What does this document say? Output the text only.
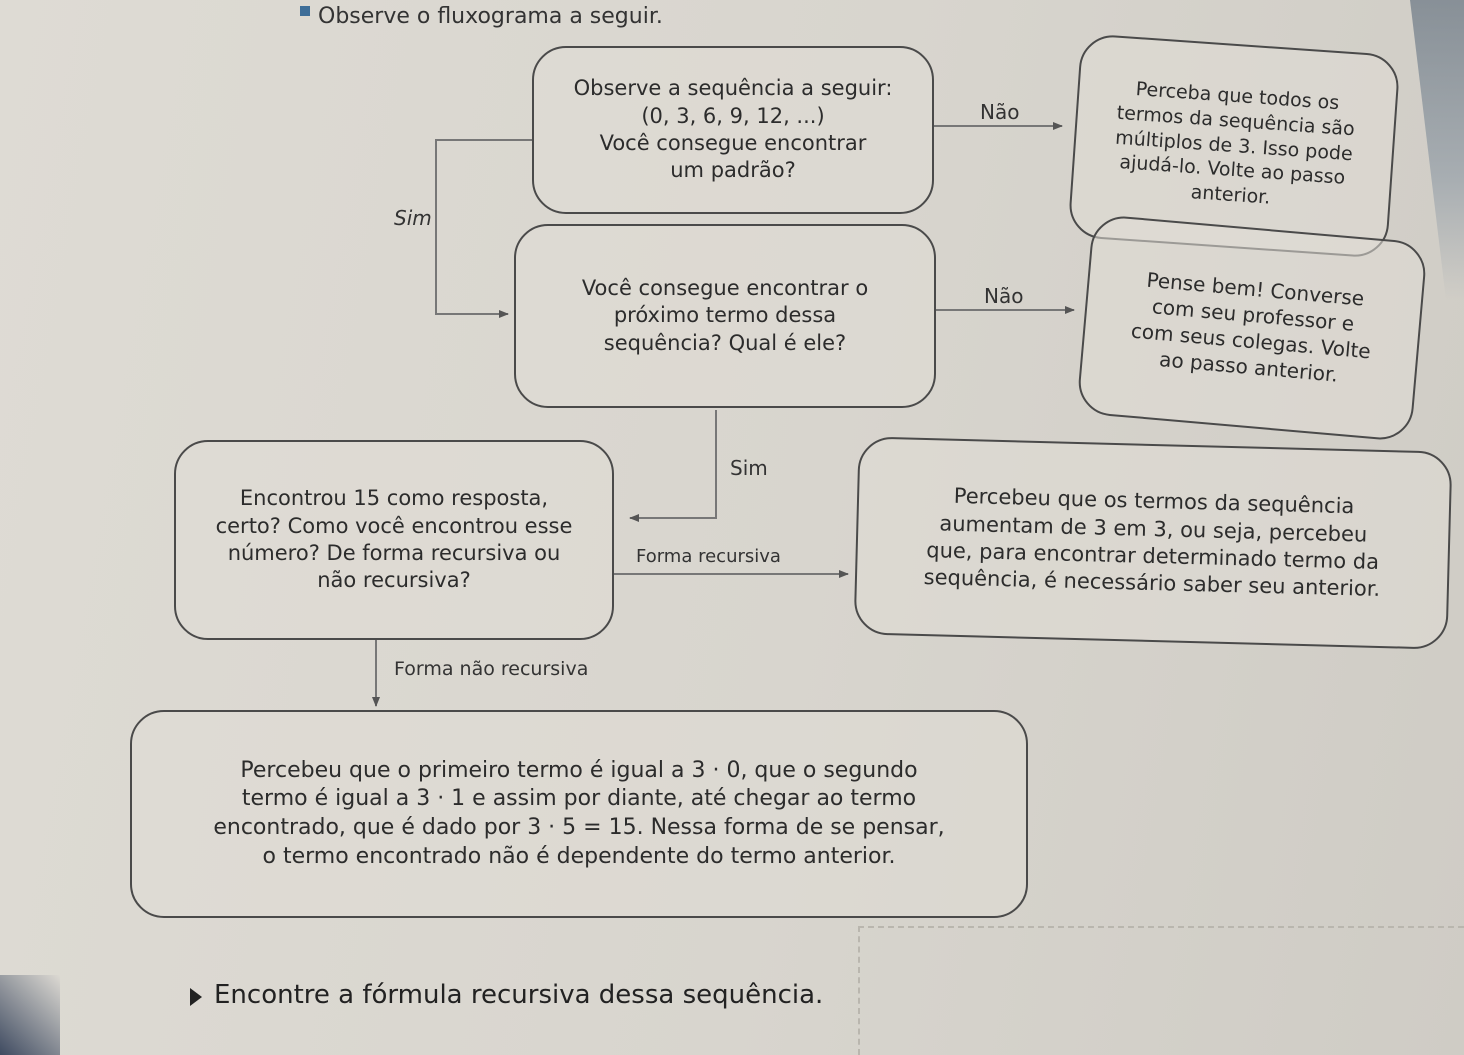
Observe o fluxograma a seguir.
Observe a sequência a seguir:
(0, 3, 6, 9, 12, ...)
Você consegue encontrar
um padrão?
Perceba que todos os
termos da sequência são
múltiplos de 3. Isso pode
ajudá-lo. Volte ao passo
anterior.
Você consegue encontrar o
próximo termo dessa
sequência? Qual é ele?
Pense bem! Converse
com seu professor e
com seus colegas. Volte
ao passo anterior.
Encontrou 15 como resposta,
certo? Como você encontrou esse
número? De forma recursiva ou
não recursiva?
Percebeu que os termos da sequência
aumentam de 3 em 3, ou seja, percebeu
que, para encontrar determinado termo da
sequência, é necessário saber seu anterior.
Percebeu que o primeiro termo é igual a 3 · 0, que o segundo
termo é igual a 3 · 1 e assim por diante, até chegar ao termo
encontrado, que é dado por 3 · 5 = 15. Nessa forma de se pensar,
o termo encontrado não é dependente do termo anterior.
Não
Sim
Não
Sim
Forma recursiva
Forma não recursiva
Encontre a fórmula recursiva dessa sequência.
